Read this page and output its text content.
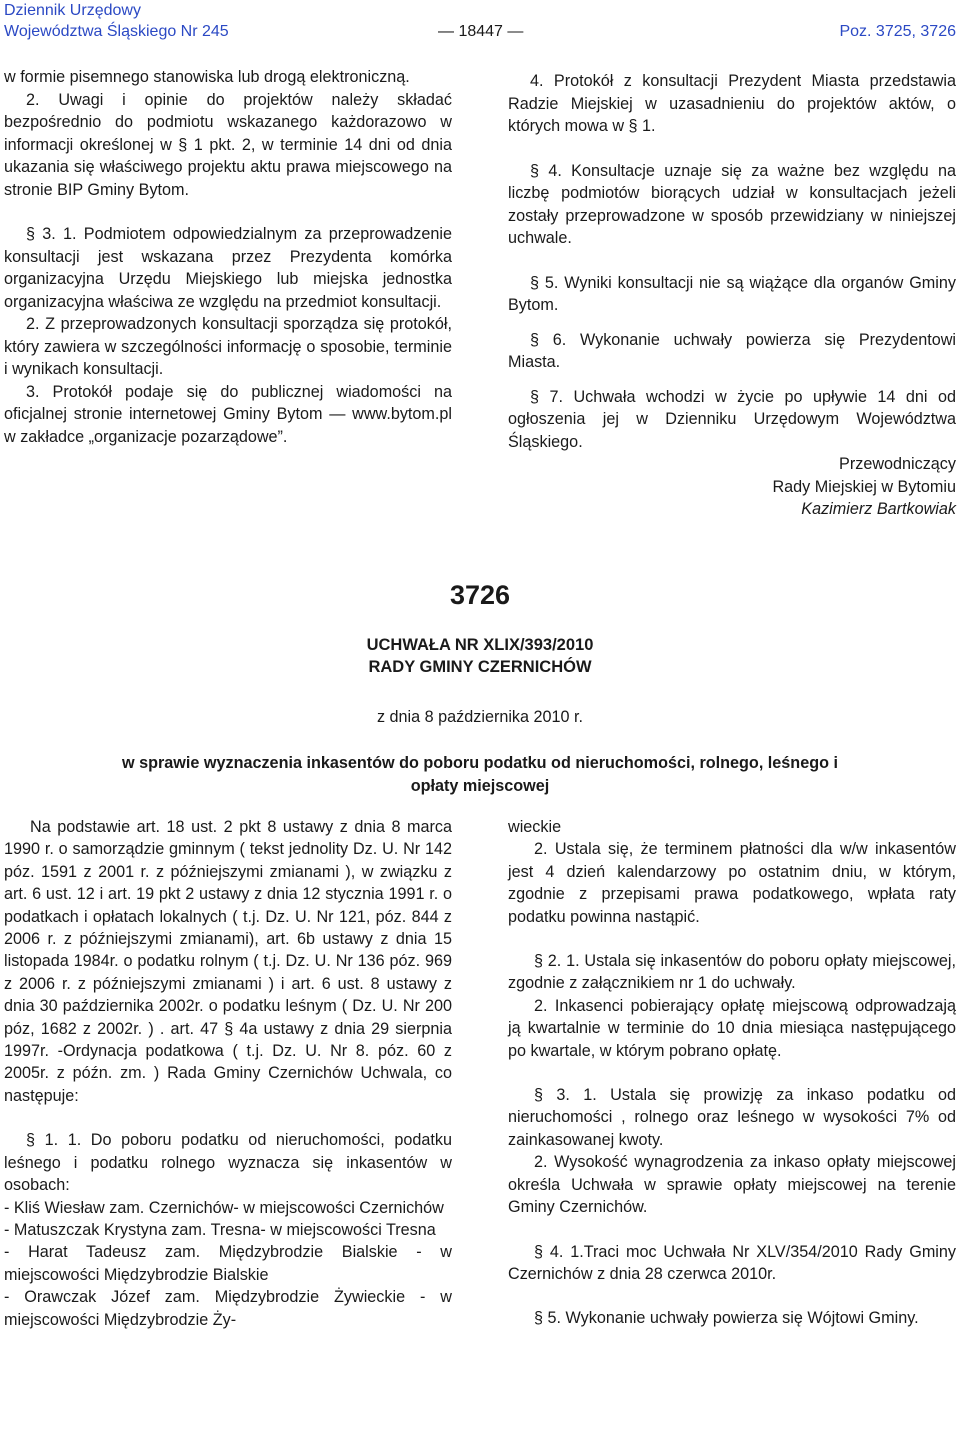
Dziennik Urzędowy
Województwa Śląskiego Nr 245	— 18447 —	Poz. 3725, 3726

w formie pisemnego stanowiska lub drogą elektroniczną.

2. Uwagi i opinie do projektów należy składać bezpośrednio do podmiotu wskazanego każdorazowo w informacji określonej w § 1 pkt. 2, w terminie 14 dni od dnia ukazania się właściwego projektu aktu prawa miejscowego na stronie BIP Gminy Bytom.

§ 3. 1. Podmiotem odpowiedzialnym za przeprowadzenie konsultacji jest wskazana przez Prezydenta komórka organizacyjna Urzędu Miejskiego lub miejska jednostka organizacyjna właściwa ze względu na przedmiot konsultacji.

2. Z przeprowadzonych konsultacji sporządza się protokół, który zawiera w szczególności informację o sposobie, terminie i wynikach konsultacji.

3. Protokół podaje się do publicznej wiadomości na oficjalnej stronie internetowej Gminy Bytom — www.bytom.pl w zakładce „organizacje pozarządowe”.

4. Protokół z konsultacji Prezydent Miasta przedstawia Radzie Miejskiej w uzasadnieniu do projektów aktów, o których mowa w § 1.

§ 4. Konsultacje uznaje się za ważne bez względu na liczbę podmiotów biorących udział w konsultacjach jeżeli zostały przeprowadzone w sposób przewidziany w niniejszej uchwale.

§ 5. Wyniki konsultacji nie są wiążące dla organów Gminy Bytom.

§ 6. Wykonanie uchwały powierza się Prezydentowi Miasta.

§ 7. Uchwała wchodzi w życie po upływie 14 dni od ogłoszenia jej w Dzienniku Urzędowym Województwa Śląskiego.

Przewodniczący

Rady Miejskiej w Bytomiu

Kazimierz Bartkowiak

3726
UCHWAŁA NR XLIX/393/2010
RADY GMINY CZERNICHÓW
z dnia 8 października 2010 r.
w sprawie wyznaczenia inkasentów do poboru podatku od nieruchomości, rolnego, leśnego i opłaty miejscowej

Na podstawie art. 18 ust. 2 pkt 8 ustawy z dnia 8 marca 1990 r. o samorządzie gminnym ( tekst jednolity Dz. U. Nr 142 póz. 1591 z 2001 r. z późniejszymi zmianami ), w związku z art. 6 ust. 12 i art. 19 pkt 2 ustawy z dnia 12 stycznia 1991 r. o podatkach i opłatach lokalnych ( t.j. Dz. U. Nr 121, póz. 844 z 2006 r. z późniejszymi zmianami), art. 6b ustawy z dnia 15 listopada 1984r. o podatku rolnym ( t.j. Dz. U. Nr 136 póz. 969 z 2006 r. z późniejszymi zmianami ) i art. 6 ust. 8 ustawy z dnia 30 października 2002r. o podatku leśnym ( Dz. U. Nr 200 póz, 1682 z 2002r. ) . art. 47 § 4a ustawy z dnia 29 sierpnia 1997r. -Ordynacja podatkowa ( t.j. Dz. U. Nr 8. póz. 60 z 2005r. z późn. zm. ) Rada Gminy Czernichów Uchwala, co następuje:

§ 1. 1. Do poboru podatku od nieruchomości, podatku leśnego i podatku rolnego wyznacza się inkasentów w osobach:

- Kliś Wiesław zam. Czernichów- w miejscowości Czernichów

- Matuszczak Krystyna zam. Tresna- w miejscowości Tresna

- Harat Tadeusz zam. Międzybrodzie Bialskie - w miejscowości Międzybrodzie Bialskie

- Orawczak Józef zam. Międzybrodzie Żywieckie - w miejscowości Międzybrodzie Ży-

wieckie

2. Ustala się, że terminem płatności dla w/w inkasentów jest 4 dzień kalendarzowy po ostatnim dniu, w którym, zgodnie z przepisami prawa podatkowego, wpłata raty podatku powinna nastąpić.

§ 2. 1. Ustala się inkasentów do poboru opłaty miejscowej, zgodnie z załącznikiem nr 1 do uchwały.

2. Inkasenci pobierający opłatę miejscową odprowadzają ją kwartalnie w terminie do 10 dnia miesiąca następującego po kwartale, w którym pobrano opłatę.

§ 3. 1. Ustala się prowizję za inkaso podatku od nieruchomości , rolnego oraz leśnego w wysokości 7% od zainkasowanej kwoty.

2. Wysokość wynagrodzenia za inkaso opłaty miejscowej określa Uchwała w sprawie opłaty miejscowej na terenie Gminy Czernichów.

§ 4. 1.Traci moc Uchwała Nr XLV/354/2010 Rady Gminy Czernichów z dnia 28 czerwca 2010r.

§ 5. Wykonanie uchwały powierza się Wójtowi Gminy.
